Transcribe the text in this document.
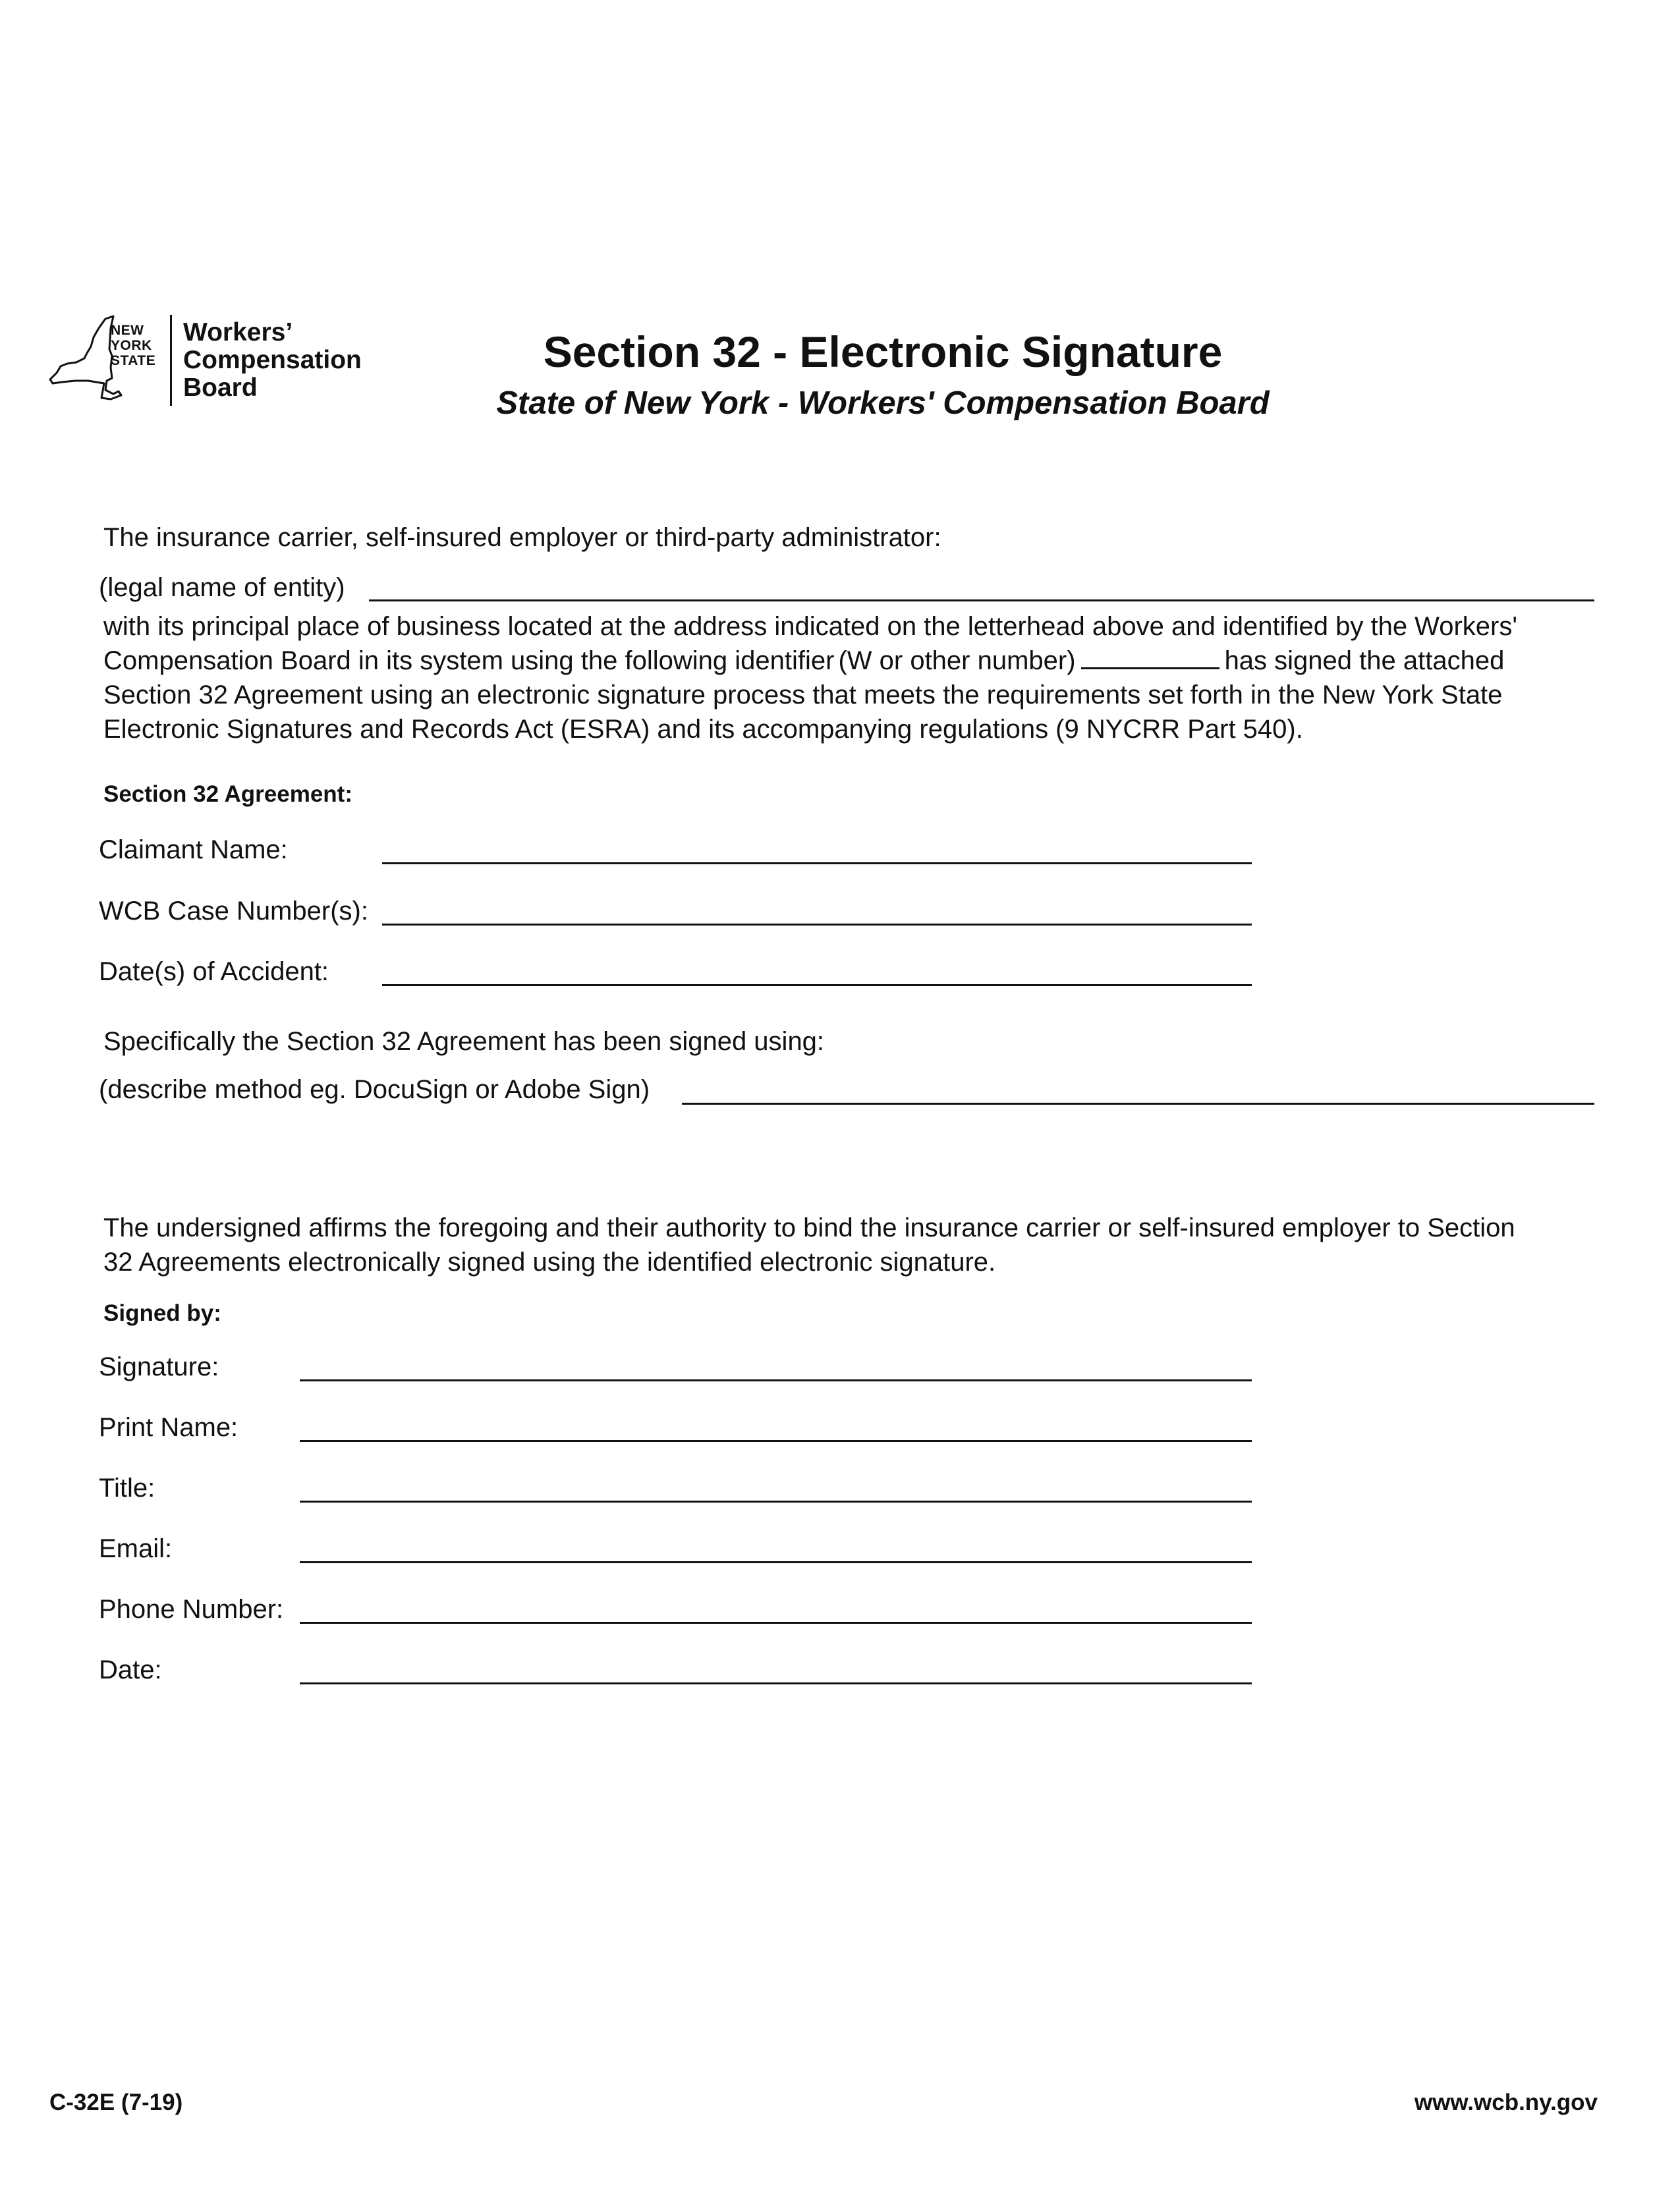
NEW
YORK
STATE
Workers’
Compensation
Board
Section 32 - Electronic Signature
State of New York - Workers' Compensation Board
The insurance carrier, self-insured employer or third-party administrator:
(legal name of entity)

with its principal place of business located at the address indicated on the letterhead above and identified by the Workers'

Compensation Board in its system using the following identifier (W or other number)	has signed the attached

Section 32 Agreement using an electronic signature process that meets the requirements set forth in the New York State

Electronic Signatures and Records Act (ESRA) and its accompanying regulations (9 NYCRR Part 540).

Section 32 Agreement:
Claimant Name:
WCB Case Number(s):
Date(s) of Accident:
Specifically the Section 32 Agreement has been signed using:
(describe method eg. DocuSign or Adobe Sign)

The undersigned affirms the foregoing and their authority to bind the insurance carrier or self-insured employer to Section

32 Agreements electronically signed using the identified electronic signature.

Signed by:
Signature:
Print Name:
Title:
Email:
Phone Number:
Date:
C-32E (7-19)	www.wcb.ny.gov
